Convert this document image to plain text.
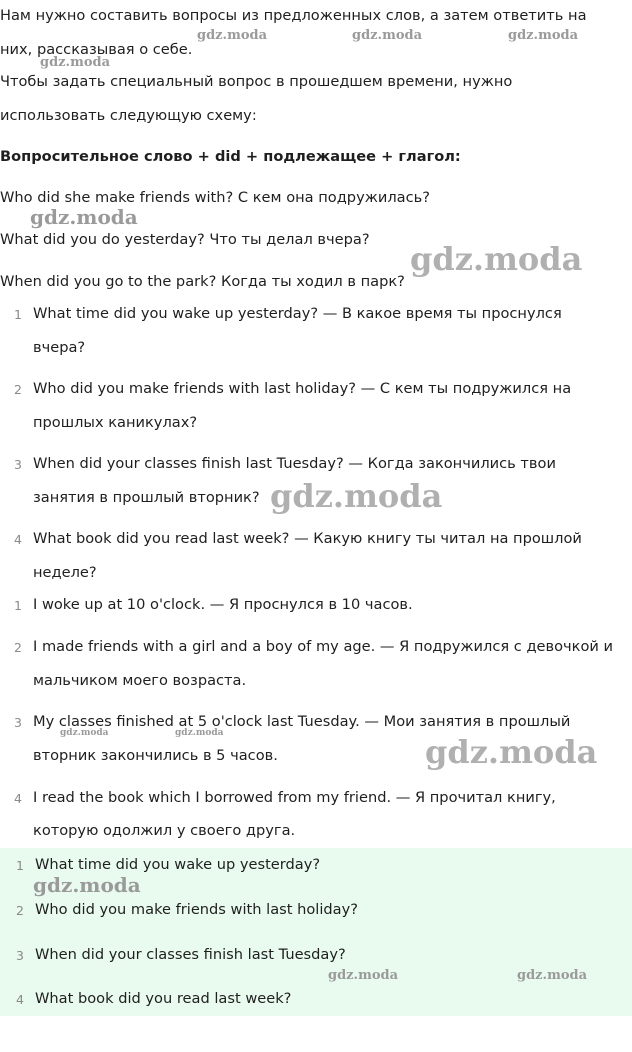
Нам нужно составить вопросы из предложенных слов, а затем ответить на
них, рассказывая о себе.
Чтобы задать специальный вопрос в прошедшем времени, нужно
использовать следующую схему:
Вопросительное слово + did + подлежащее + глагол:
Who did she make friends with? С кем она подружилась?
What did you do yesterday? Что ты делал вчера?
When did you go to the park? Когда ты ходил в парк?
1 What time did you wake up yesterday? — В какое время ты проснулся
вчера?
2 Who did you make friends with last holiday? — С кем ты подружился на
прошлых каникулах?
3 When did your classes finish last Tuesday? — Когда закончились твои
занятия в прошлый вторник?
4 What book did you read last week? — Какую книгу ты читал на прошлой
неделе?
1 I woke up at 10 o'clock. — Я проснулся в 10 часов.
2 I made friends with a girl and a boy of my age. — Я подружился с девочкой и
мальчиком моего возраста.
3 My classes finished at 5 o'clock last Tuesday. — Мои занятия в прошлый
вторник закончились в 5 часов.
4 I read the book which I borrowed from my friend. — Я прочитал книгу,
которую одолжил у своего друга.
1 What time did you wake up yesterday?
2 Who did you make friends with last holiday?
3 When did your classes finish last Tuesday?
4 What book did you read last week?
gdz.moda	gdz.moda	gdz.moda
gdz.moda
gdz.moda
gdz.moda
gdz.moda
gdz.moda	gdz.moda	gdz.moda
gdz.moda
gdz.moda	gdz.moda
